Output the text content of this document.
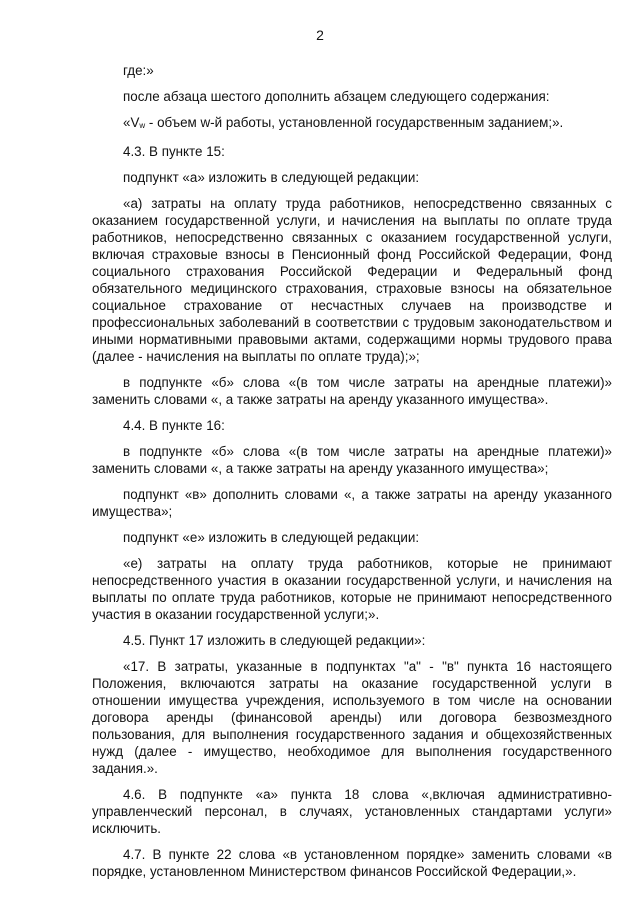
2

где:»

после абзаца шестого дополнить абзацем следующего содержания:

«$V_w$ - объем w-й работы, установленной государственным заданием;».

4.3. В пункте 15:

подпункт «а» изложить в следующей редакции:

«а) затраты на оплату труда работников, непосредственно связанных с оказанием государственной услуги, и начисления на выплаты по оплате труда работников, непосредственно связанных с оказанием государственной услуги, включая страховые взносы в Пенсионный фонд Российской Федерации, Фонд социального страхования Российской Федерации и Федеральный фонд обязательного медицинского страхования, страховые взносы на обязательное социальное страхование от несчастных случаев на производстве и профессиональных заболеваний в соответствии с трудовым законодательством и иными нормативными правовыми актами, содержащими нормы трудового права (далее - начисления на выплаты по оплате труда);»;

в подпункте «б» слова «(в том числе затраты на арендные платежи)» заменить словами «, а также затраты на аренду указанного имущества».

4.4. В пункте 16:

в подпункте «б» слова «(в том числе затраты на арендные платежи)» заменить словами «, а также затраты на аренду указанного имущества»;

подпункт «в» дополнить словами «, а также затраты на аренду указанного имущества»;

подпункт «е» изложить в следующей редакции:

«е) затраты на оплату труда работников, которые не принимают непосредственного участия в оказании государственной услуги, и начисления на выплаты по оплате труда работников, которые не принимают непосредственного участия в оказании государственной услуги;».

4.5. Пункт 17 изложить в следующей редакции»:

«17. В затраты, указанные в подпунктах "а" - "в" пункта 16 настоящего Положения, включаются затраты на оказание государственной услуги в отношении имущества учреждения, используемого в том числе на основании договора аренды (финансовой аренды) или договора безвозмездного пользования, для выполнения государственного задания и общехозяйственных нужд (далее - имущество, необходимое для выполнения государственного задания.».

4.6. В подпункте «а» пункта 18 слова «,включая административно-управленческий персонал, в случаях, установленных стандартами услуги» исключить.

4.7. В пункте 22 слова «в установленном порядке» заменить словами «в порядке, установленном Министерством финансов Российской Федерации,».
